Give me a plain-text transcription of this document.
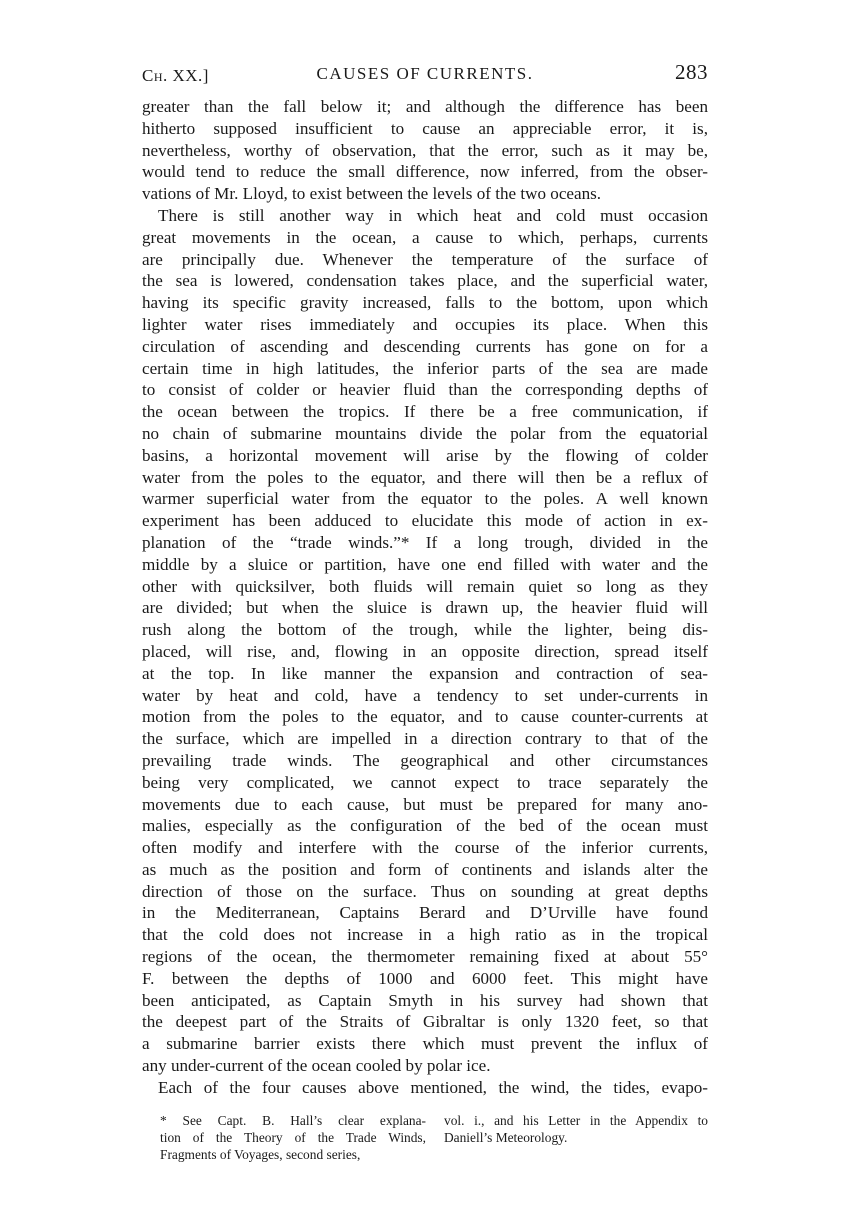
Ch. XX.]	CAUSES OF CURRENTS.	283
greater than the fall below it; and although the difference has been
hitherto supposed insufficient to cause an appreciable error, it is,
nevertheless, worthy of observation, that the error, such as it may be,
would tend to reduce the small difference, now inferred, from the obser-
vations of Mr. Lloyd, to exist between the levels of the two oceans.
There is still another way in which heat and cold must occasion
great movements in the ocean, a cause to which, perhaps, currents
are principally due. Whenever the temperature of the surface of
the sea is lowered, condensation takes place, and the superficial water,
having its specific gravity increased, falls to the bottom, upon which
lighter water rises immediately and occupies its place. When this
circulation of ascending and descending currents has gone on for a
certain time in high latitudes, the inferior parts of the sea are made
to consist of colder or heavier fluid than the corresponding depths of
the ocean between the tropics. If there be a free communication, if
no chain of submarine mountains divide the polar from the equatorial
basins, a horizontal movement will arise by the flowing of colder
water from the poles to the equator, and there will then be a reflux of
warmer superficial water from the equator to the poles. A well known
experiment has been adduced to elucidate this mode of action in ex-
planation of the “trade winds.”* If a long trough, divided in the
middle by a sluice or partition, have one end filled with water and the
other with quicksilver, both fluids will remain quiet so long as they
are divided; but when the sluice is drawn up, the heavier fluid will
rush along the bottom of the trough, while the lighter, being dis-
placed, will rise, and, flowing in an opposite direction, spread itself
at the top. In like manner the expansion and contraction of sea-
water by heat and cold, have a tendency to set under-currents in
motion from the poles to the equator, and to cause counter-currents at
the surface, which are impelled in a direction contrary to that of the
prevailing trade winds. The geographical and other circumstances
being very complicated, we cannot expect to trace separately the
movements due to each cause, but must be prepared for many ano-
malies, especially as the configuration of the bed of the ocean must
often modify and interfere with the course of the inferior currents,
as much as the position and form of continents and islands alter the
direction of those on the surface. Thus on sounding at great depths
in the Mediterranean, Captains Berard and D’Urville have found
that the cold does not increase in a high ratio as in the tropical
regions of the ocean, the thermometer remaining fixed at about 55°
F. between the depths of 1000 and 6000 feet. This might have
been anticipated, as Captain Smyth in his survey had shown that
the deepest part of the Straits of Gibraltar is only 1320 feet, so that
a submarine barrier exists there which must prevent the influx of
any under-current of the ocean cooled by polar ice.
Each of the four causes above mentioned, the wind, the tides, evapo-
* See Capt. B. Hall’s clear explana-
tion of the Theory of the Trade Winds,
Fragments of Voyages, second series,
vol. i., and his Letter in the Appendix to
Daniell’s Meteorology.
